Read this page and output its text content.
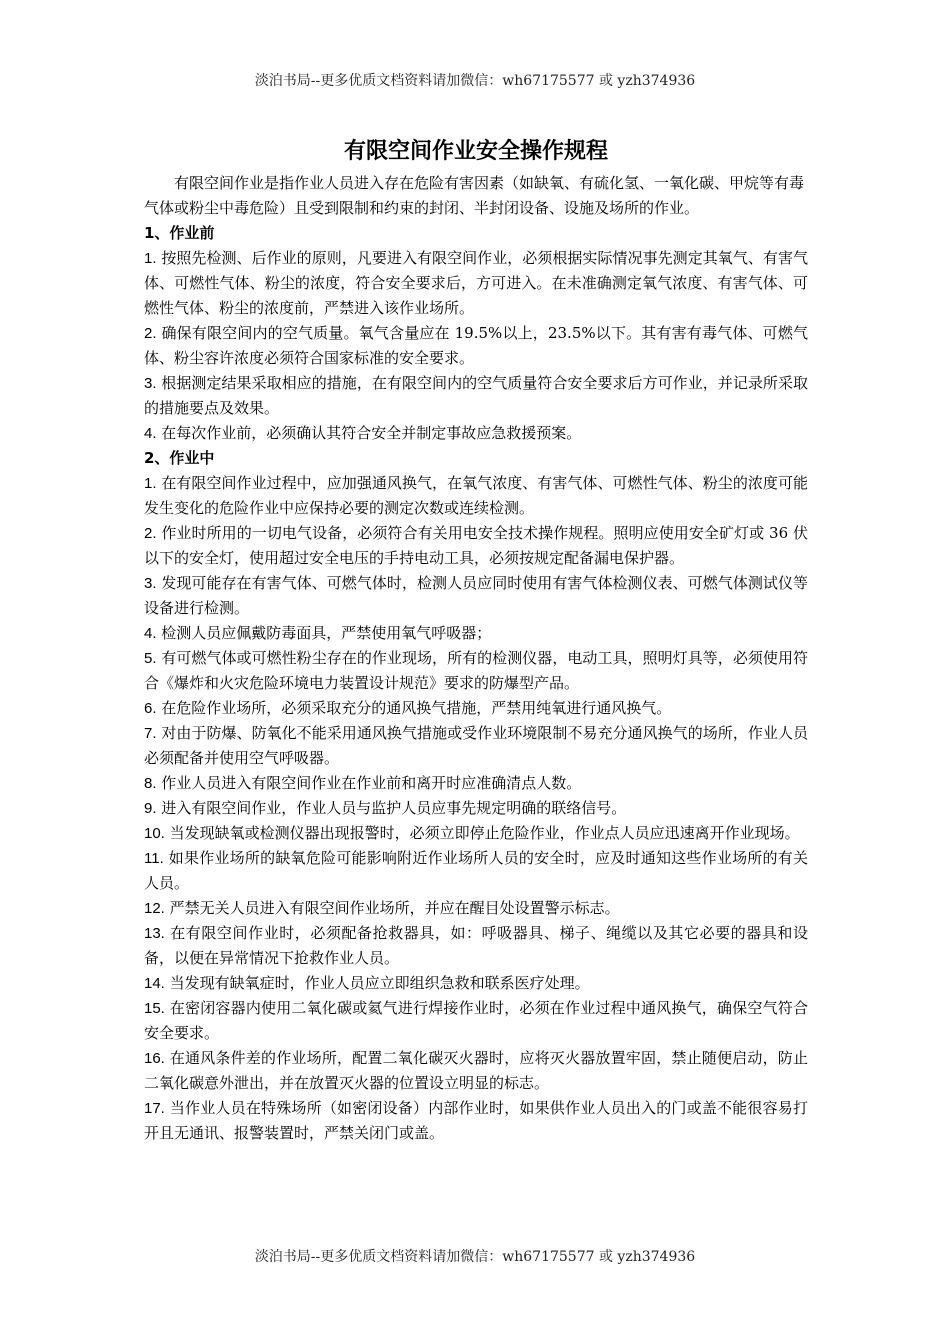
淡泊书局--更多优质文档资料请加微信：wh67175577 或 yzh374936
有限空间作业安全操作规程

有限空间作业是指作业人员进入存在危险有害因素（如缺氧、有硫化氢、一氧化碳、甲烷等有毒气体或粉尘中毒危险）且受到限制和约束的封闭、半封闭设备、设施及场所的作业。

1、作业前

1. 按照先检测、后作业的原则，凡要进入有限空间作业，必须根据实际情况事先测定其氧气、有害气体、可燃性气体、粉尘的浓度，符合安全要求后，方可进入。在未准确测定氧气浓度、有害气体、可燃性气体、粉尘的浓度前，严禁进入该作业场所。

2. 确保有限空间内的空气质量。氧气含量应在 19.5%以上，23.5%以下。其有害有毒气体、可燃气体、粉尘容许浓度必须符合国家标准的安全要求。

3. 根据测定结果采取相应的措施，在有限空间内的空气质量符合安全要求后方可作业，并记录所采取的措施要点及效果。

4. 在每次作业前，必须确认其符合安全并制定事故应急救援预案。

2、作业中

1. 在有限空间作业过程中，应加强通风换气，在氧气浓度、有害气体、可燃性气体、粉尘的浓度可能发生变化的危险作业中应保持必要的测定次数或连续检测。

2. 作业时所用的一切电气设备，必须符合有关用电安全技术操作规程。照明应使用安全矿灯或 36 伏以下的安全灯，使用超过安全电压的手持电动工具，必须按规定配备漏电保护器。

3. 发现可能存在有害气体、可燃气体时，检测人员应同时使用有害气体检测仪表、可燃气体测试仪等设备进行检测。

4. 检测人员应佩戴防毒面具，严禁使用氧气呼吸器；

5. 有可燃气体或可燃性粉尘存在的作业现场，所有的检测仪器，电动工具，照明灯具等，必须使用符合《爆炸和火灾危险环境电力装置设计规范》要求的防爆型产品。

6. 在危险作业场所，必须采取充分的通风换气措施，严禁用纯氧进行通风换气。

7. 对由于防爆、防氧化不能采用通风换气措施或受作业环境限制不易充分通风换气的场所，作业人员必须配备并使用空气呼吸器。

8. 作业人员进入有限空间作业在作业前和离开时应准确清点人数。

9. 进入有限空间作业，作业人员与监护人员应事先规定明确的联络信号。

10. 当发现缺氧或检测仪器出现报警时，必须立即停止危险作业，作业点人员应迅速离开作业现场。

11. 如果作业场所的缺氧危险可能影响附近作业场所人员的安全时，应及时通知这些作业场所的有关人员。

12. 严禁无关人员进入有限空间作业场所，并应在醒目处设置警示标志。

13. 在有限空间作业时，必须配备抢救器具，如：呼吸器具、梯子、绳缆以及其它必要的器具和设备，以便在异常情况下抢救作业人员。

14. 当发现有缺氧症时，作业人员应立即组织急救和联系医疗处理。

15. 在密闭容器内使用二氧化碳或氦气进行焊接作业时，必须在作业过程中通风换气，确保空气符合安全要求。

16. 在通风条件差的作业场所，配置二氧化碳灭火器时，应将灭火器放置牢固，禁止随便启动，防止二氧化碳意外泄出，并在放置灭火器的位置设立明显的标志。

17. 当作业人员在特殊场所（如密闭设备）内部作业时，如果供作业人员出入的门或盖不能很容易打开且无通讯、报警装置时，严禁关闭门或盖。

淡泊书局--更多优质文档资料请加微信：wh67175577 或 yzh374936
